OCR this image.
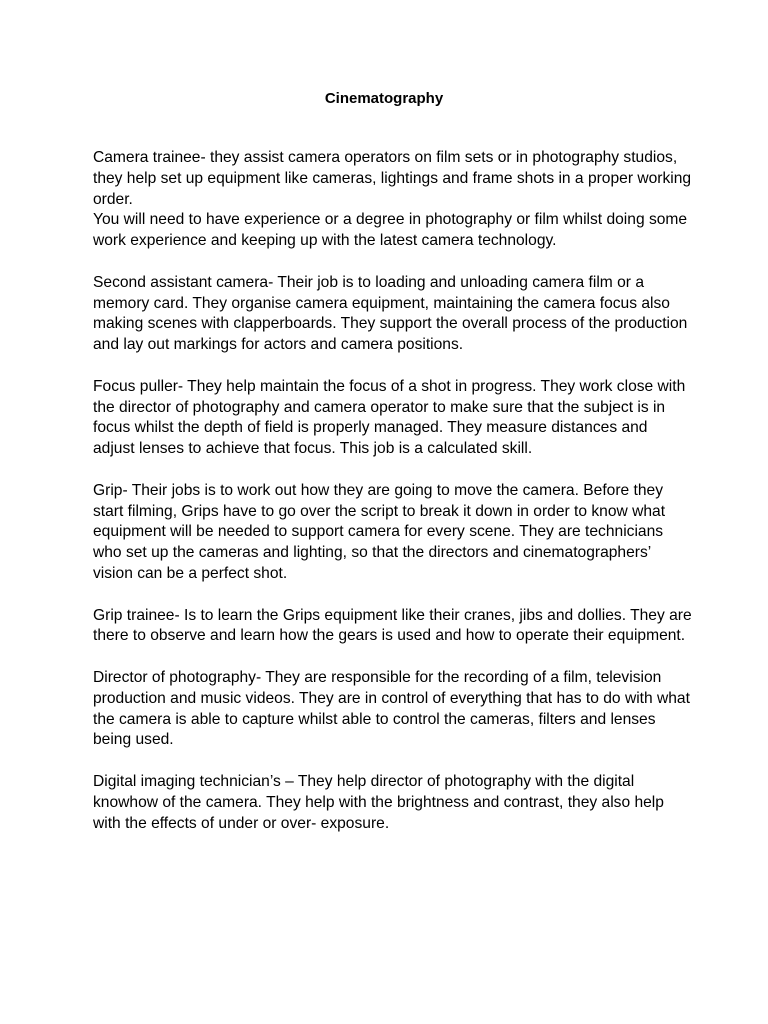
Cinematography

Camera trainee- they assist camera operators on film sets or in photography studios, they help set up equipment like cameras, lightings and frame shots in a proper working order.

You will need to have experience or a degree in photography or film whilst doing some work experience and keeping up with the latest camera technology.

Second assistant camera- Their job is to loading and unloading camera film or a memory card. They organise camera equipment, maintaining the camera focus also making scenes with clapperboards. They support the overall process of the production and lay out markings for actors and camera positions.

Focus puller- They help maintain the focus of a shot in progress. They work close with the director of photography and camera operator to make sure that the subject is in focus whilst the depth of field is properly managed. They measure distances and adjust lenses to achieve that focus. This job is a calculated skill.

Grip- Their jobs is to work out how they are going to move the camera. Before they start filming, Grips have to go over the script to break it down in order to know what equipment will be needed to support camera for every scene. They are technicians who set up the cameras and lighting, so that the directors and cinematographers’ vision can be a perfect shot.

Grip trainee- Is to learn the Grips equipment like their cranes, jibs and dollies. They are there to observe and learn how the gears is used and how to operate their equipment.

Director of photography- They are responsible for the recording of a film, television production and music videos. They are in control of everything that has to do with what the camera is able to capture whilst able to control the cameras, filters and lenses being used.

Digital imaging technician’s – They help director of photography with the digital knowhow of the camera. They help with the brightness and contrast, they also help with the effects of under or over- exposure.
